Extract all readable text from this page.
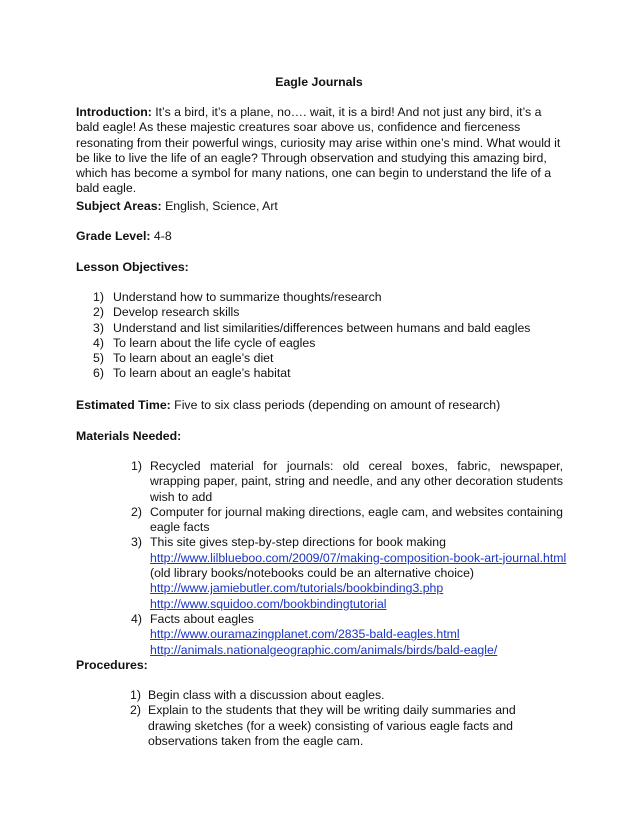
Eagle Journals
Introduction: It’s a bird, it’s a plane, no…. wait, it is a bird! And not just any bird, it’s a bald eagle! As these majestic creatures soar above us, confidence and fierceness resonating from their powerful wings, curiosity may arise within one’s mind. What would it be like to live the life of an eagle? Through observation and studying this amazing bird, which has become a symbol for many nations, one can begin to understand the life of a bald eagle.
Subject Areas: English, Science, Art
Grade Level: 4-8
Lesson Objectives:
1) Understand how to summarize thoughts/research
2) Develop research skills
3) Understand and list similarities/differences between humans and bald eagles
4) To learn about the life cycle of eagles
5) To learn about an eagle’s diet
6) To learn about an eagle’s habitat
Estimated Time: Five to six class periods (depending on amount of research)
Materials Needed:
1) Recycled material for journals: old cereal boxes, fabric, newspaper, wrapping paper, paint, string and needle, and any other decoration students wish to add
2) Computer for journal making directions, eagle cam, and websites containing eagle facts
3) This site gives step-by-step directions for book making
http://www.lilblueboo.com/2009/07/making-composition-book-art-journal.html
(old library books/notebooks could be an alternative choice)
http://www.jamiebutler.com/tutorials/bookbinding3.php
http://www.squidoo.com/bookbindingtutorial
4) Facts about eagles
http://www.ouramazingplanet.com/2835-bald-eagles.html
http://animals.nationalgeographic.com/animals/birds/bald-eagle/
Procedures:
1) Begin class with a discussion about eagles.
2) Explain to the students that they will be writing daily summaries and drawing sketches (for a week) consisting of various eagle facts and observations taken from the eagle cam.
